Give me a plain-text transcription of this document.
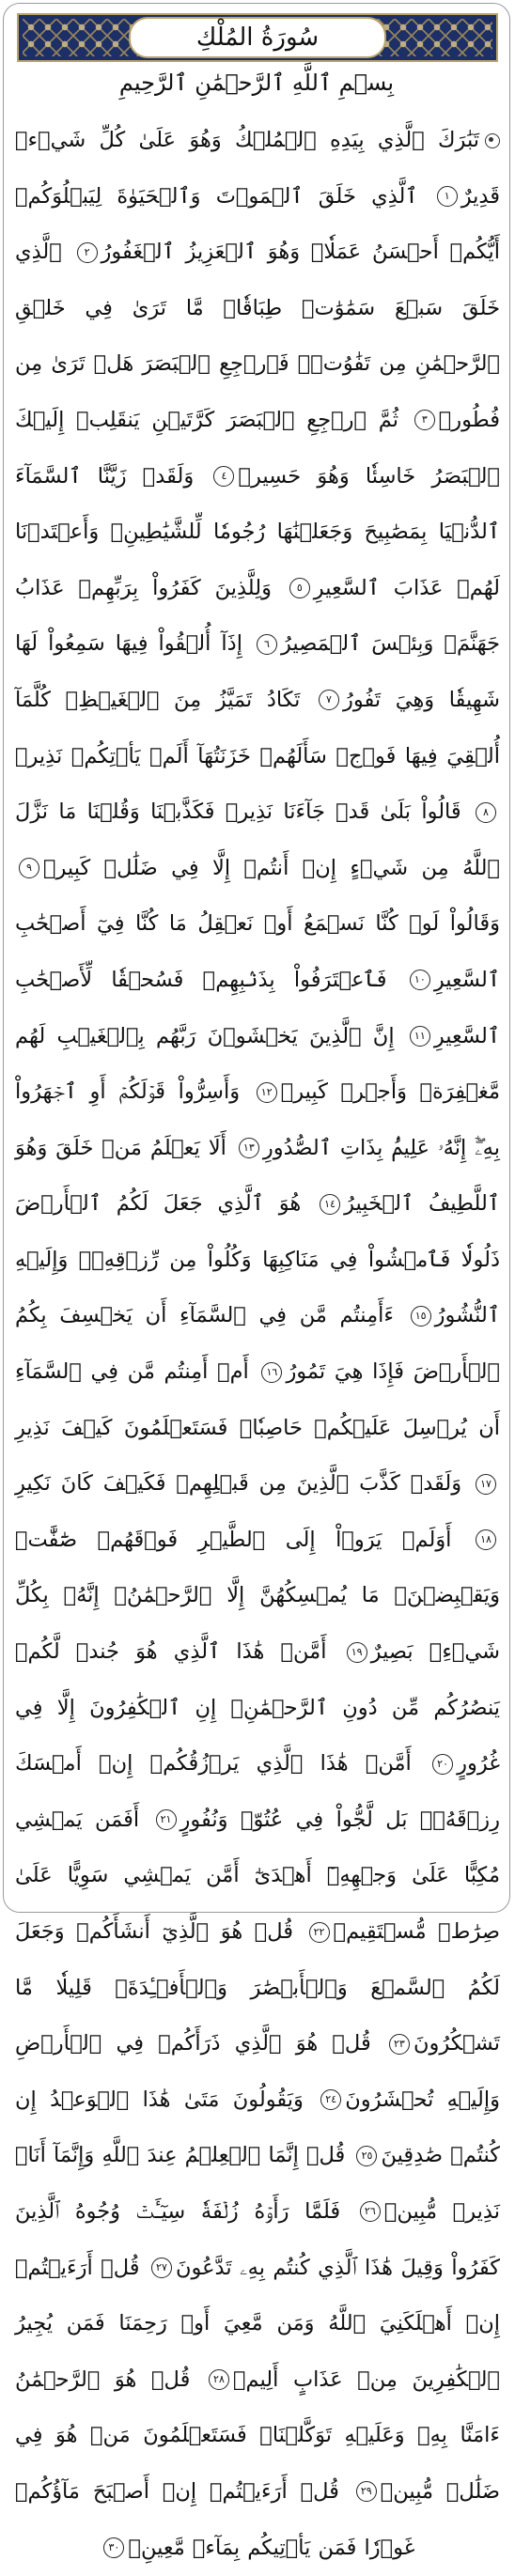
سُورَةُ المُلْكِ
بِسۡمِ ٱللَّهِ ٱلرَّحۡمَٰنِ ٱلرَّحِيمِ
تَبَٰرَكَ ٱلَّذِي بِيَدِهِ ٱلۡمُلۡكُ وَهُوَ عَلَىٰ كُلِّ شَيۡءٖ قَدِيرٌ١ ٱلَّذِي خَلَقَ ٱلۡمَوۡتَ وَٱلۡحَيَوٰةَ لِيَبۡلُوَكُمۡ أَيُّكُمۡ أَحۡسَنُ عَمَلٗاۚ وَهُوَ ٱلۡعَزِيزُ ٱلۡغَفُورُ٢ ٱلَّذِي خَلَقَ سَبۡعَ سَمَٰوَٰتٖ طِبَاقٗاۖ مَّا تَرَىٰ فِي خَلۡقِ ٱلرَّحۡمَٰنِ مِن تَفَٰوُتٖۖ فَٱرۡجِعِ ٱلۡبَصَرَ هَلۡ تَرَىٰ مِن فُطُورٖ٣ ثُمَّ ٱرۡجِعِ ٱلۡبَصَرَ كَرَّتَيۡنِ يَنقَلِبۡ إِلَيۡكَ ٱلۡبَصَرُ خَاسِئٗا وَهُوَ حَسِيرٞ٤ وَلَقَدۡ زَيَّنَّا ٱلسَّمَآءَ ٱلدُّنۡيَا بِمَصَٰبِيحَ وَجَعَلۡنَٰهَا رُجُومٗا لِّلشَّيَٰطِينِۖ وَأَعۡتَدۡنَا لَهُمۡ عَذَابَ ٱلسَّعِيرِ٥ وَلِلَّذِينَ كَفَرُواْ بِرَبِّهِمۡ عَذَابُ جَهَنَّمَۖ وَبِئۡسَ ٱلۡمَصِيرُ٦ إِذَآ أُلۡقُواْ فِيهَا سَمِعُواْ لَهَا شَهِيقٗا وَهِيَ تَفُورُ٧ تَكَادُ تَمَيَّزُ مِنَ ٱلۡغَيۡظِۖ كُلَّمَآ أُلۡقِيَ فِيهَا فَوۡجٞ سَأَلَهُمۡ خَزَنَتُهَآ أَلَمۡ يَأۡتِكُمۡ نَذِيرٞ٨ قَالُواْ بَلَىٰ قَدۡ جَآءَنَا نَذِيرٞ فَكَذَّبۡنَا وَقُلۡنَا مَا نَزَّلَ ٱللَّهُ مِن شَيۡءٍ إِنۡ أَنتُمۡ إِلَّا فِي ضَلَٰلٖ كَبِيرٖ٩ وَقَالُواْ لَوۡ كُنَّا نَسۡمَعُ أَوۡ نَعۡقِلُ مَا كُنَّا فِيٓ أَصۡحَٰبِ ٱلسَّعِيرِ١٠ فَٱعۡتَرَفُواْ بِذَنۢبِهِمۡ فَسُحۡقٗا لِّأَصۡحَٰبِ ٱلسَّعِيرِ١١ إِنَّ ٱلَّذِينَ يَخۡشَوۡنَ رَبَّهُم بِٱلۡغَيۡبِ لَهُم مَّغۡفِرَةٞ وَأَجۡرٞ كَبِيرٞ١٢ وَأَسِرُّواْ قَوۡلَكُمۡ أَوِ ٱجۡهَرُواْ بِهِۦٓۖ إِنَّهُۥ عَلِيمُۢ بِذَاتِ ٱلصُّدُورِ١٣ أَلَا يَعۡلَمُ مَنۡ خَلَقَ وَهُوَ ٱللَّطِيفُ ٱلۡخَبِيرُ١٤ هُوَ ٱلَّذِي جَعَلَ لَكُمُ ٱلۡأَرۡضَ ذَلُولٗا فَٱمۡشُواْ فِي مَنَاكِبِهَا وَكُلُواْ مِن رِّزۡقِهِۦۖ وَإِلَيۡهِ ٱلنُّشُورُ١٥ ءَأَمِنتُم مَّن فِي ٱلسَّمَآءِ أَن يَخۡسِفَ بِكُمُ ٱلۡأَرۡضَ فَإِذَا هِيَ تَمُورُ١٦ أَمۡ أَمِنتُم مَّن فِي ٱلسَّمَآءِ أَن يُرۡسِلَ عَلَيۡكُمۡ حَاصِبٗاۖ فَسَتَعۡلَمُونَ كَيۡفَ نَذِيرِ١٧ وَلَقَدۡ كَذَّبَ ٱلَّذِينَ مِن قَبۡلِهِمۡ فَكَيۡفَ كَانَ نَكِيرِ١٨ أَوَلَمۡ يَرَوۡاْ إِلَى ٱلطَّيۡرِ فَوۡقَهُمۡ صَٰٓفَّٰتٖ وَيَقۡبِضۡنَۚ مَا يُمۡسِكُهُنَّ إِلَّا ٱلرَّحۡمَٰنُۚ إِنَّهُۥ بِكُلِّ شَيۡءِۭ بَصِيرٌ١٩ أَمَّنۡ هَٰذَا ٱلَّذِي هُوَ جُندٞ لَّكُمۡ يَنصُرُكُم مِّن دُونِ ٱلرَّحۡمَٰنِۚ إِنِ ٱلۡكَٰفِرُونَ إِلَّا فِي غُرُورٍ٢٠ أَمَّنۡ هَٰذَا ٱلَّذِي يَرۡزُقُكُمۡ إِنۡ أَمۡسَكَ رِزۡقَهُۥۚ بَل لَّجُّواْ فِي عُتُوّٖ وَنُفُورٍ٢١ أَفَمَن يَمۡشِي مُكِبًّا عَلَىٰ وَجۡهِهِۦٓ أَهۡدَىٰٓ أَمَّن يَمۡشِي سَوِيًّا عَلَىٰ صِرَٰطٖ مُّسۡتَقِيمٖ٢٢ قُلۡ هُوَ ٱلَّذِيٓ أَنشَأَكُمۡ وَجَعَلَ لَكُمُ ٱلسَّمۡعَ وَٱلۡأَبۡصَٰرَ وَٱلۡأَفۡـِٔدَةَۖ قَلِيلٗا مَّا تَشۡكُرُونَ٢٣ قُلۡ هُوَ ٱلَّذِي ذَرَأَكُمۡ فِي ٱلۡأَرۡضِ وَإِلَيۡهِ تُحۡشَرُونَ٢٤ وَيَقُولُونَ مَتَىٰ هَٰذَا ٱلۡوَعۡدُ إِن كُنتُمۡ صَٰدِقِينَ٢٥ قُلۡ إِنَّمَا ٱلۡعِلۡمُ عِندَ ٱللَّهِ وَإِنَّمَآ أَنَا۠ نَذِيرٞ مُّبِينٞ٢٦ فَلَمَّا رَأَوۡهُ زُلۡفَةٗ سِيٓـَٔتۡ وُجُوهُ ٱلَّذِينَ كَفَرُواْ وَقِيلَ هَٰذَا ٱلَّذِي كُنتُم بِهِۦ تَدَّعُونَ٢٧ قُلۡ أَرَءَيۡتُمۡ إِنۡ أَهۡلَكَنِيَ ٱللَّهُ وَمَن مَّعِيَ أَوۡ رَحِمَنَا فَمَن يُجِيرُ ٱلۡكَٰفِرِينَ مِنۡ عَذَابٍ أَلِيمٖ٢٨ قُلۡ هُوَ ٱلرَّحۡمَٰنُ ءَامَنَّا بِهِۦ وَعَلَيۡهِ تَوَكَّلۡنَاۖ فَسَتَعۡلَمُونَ مَنۡ هُوَ فِي ضَلَٰلٖ مُّبِينٖ٢٩ قُلۡ أَرَءَيۡتُمۡ إِنۡ أَصۡبَحَ مَآؤُكُمۡ غَوۡرٗا فَمَن يَأۡتِيكُم بِمَآءٖ مَّعِينِۭ٣٠
